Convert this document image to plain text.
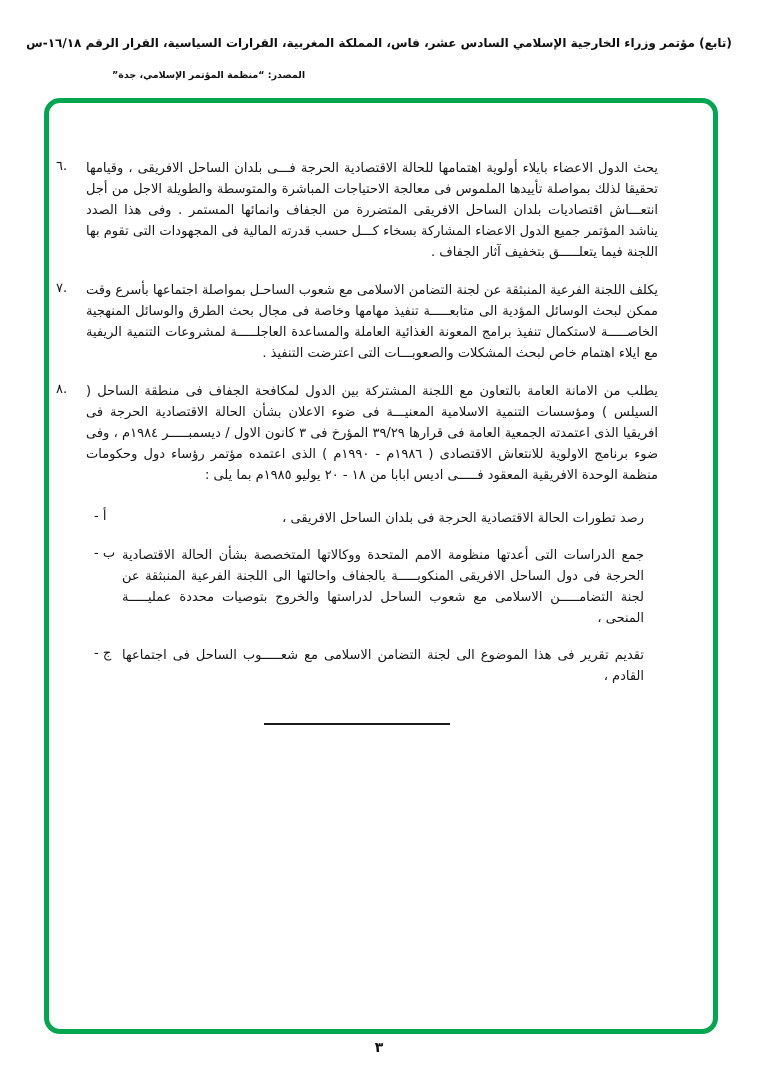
(تابع) مؤتمر وزراء الخارجية الإسلامي السادس عشر، فاس، المملكة المغربية، القرارات السياسية، القرار الرقم ١٦/١٨-س
المصدر: “منظمة المؤتمر الإسلامي، جدة”
٦. يحث الدول الاعضاء بايلاء أولوية اهتمامها للحالة الاقتصادية الحرجة فـــى بلدان الساحل الافريقى ، وقيامها تحقيقا لذلك بمواصلة تأييدها الملموس فى معالجة الاحتياجات المباشرة والمتوسطة والطويلة الاجل من أجل انتعـــاش اقتصاديات بلدان الساحل الافريقى المتضررة من الجفاف وانمائها المستمر . وفى هذا الصدد يناشد المؤتمر جميع الدول الاعضاء المشاركة بسخاء كـــل حسب قدرته المالية فى المجهودات التى تقوم بها اللجنة فيما يتعلـــــق بتخفيف آثار الجفاف .

٧. يكلف اللجنة الفرعية المنبثقة عن لجنة التضامن الاسلامى مع شعوب الساحـل بمواصلة اجتماعها بأسرع وقت ممكن لبحث الوسائل المؤدية الى متابعـــــة تنفيذ مهامها وخاصة فى مجال بحث الطرق والوسائل المنهجية الخاصـــــة لاستكمال تنفيذ برامج المعونة الغذائية العاملة والمساعدة العاجلـــــة لمشروعات التنمية الريفية مع ايلاء اهتمام خاص لبحث المشكلات والصعوبـــات التى اعترضت التنفيذ .

٨. يطلب من الامانة العامة بالتعاون مع اللجنة المشتركة بين الدول لمكافحة الجفاف فى منطقة الساحل ( السيلس ) ومؤسسات التنمية الاسلامية المعنيـــة فى ضوء الاعلان بشأن الحالة الاقتصادية الحرجة فى افريقيا الذى اعتمدته الجمعية العامة فى قرارها ٣٩/٢٩ المؤرخ فى ٣ كانون الاول / ديسمبـــــر ١٩٨٤م ، وفى ضوء برنامج الاولوية للانتعاش الاقتصادى ( ١٩٨٦م - ١٩٩٠م ) الذى اعتمده مؤتمر رؤساء دول وحكومات منظمة الوحدة الافريقية المعقود فـــــى اديس ابابا من ١٨ - ٢٠ يوليو ١٩٨٥م بما يلى :

أ -	رصد تطورات الحالة الاقتصادية الحرجة فى بلدان الساحل الافريقى ،

ب - جمع الدراسات التى أعدتها منظومة الامم المتحدة ووكالاتها المتخصصة بشأن الحالة الاقتصادية الحرجة فى دول الساحل الافريقى المنكوبـــــة بالجفاف واحالتها الى اللجنة الفرعية المنبثقة عن لجنة التضامـــــن الاسلامى مع شعوب الساحل لدراستها والخروج بتوصيات محددة عمليـــــة المنحى ،

ج - تقديم تقرير فى هذا الموضوع الى لجنة التضامن الاسلامى مع شعـــــوب الساحل فى اجتماعها القادم ،

٣
